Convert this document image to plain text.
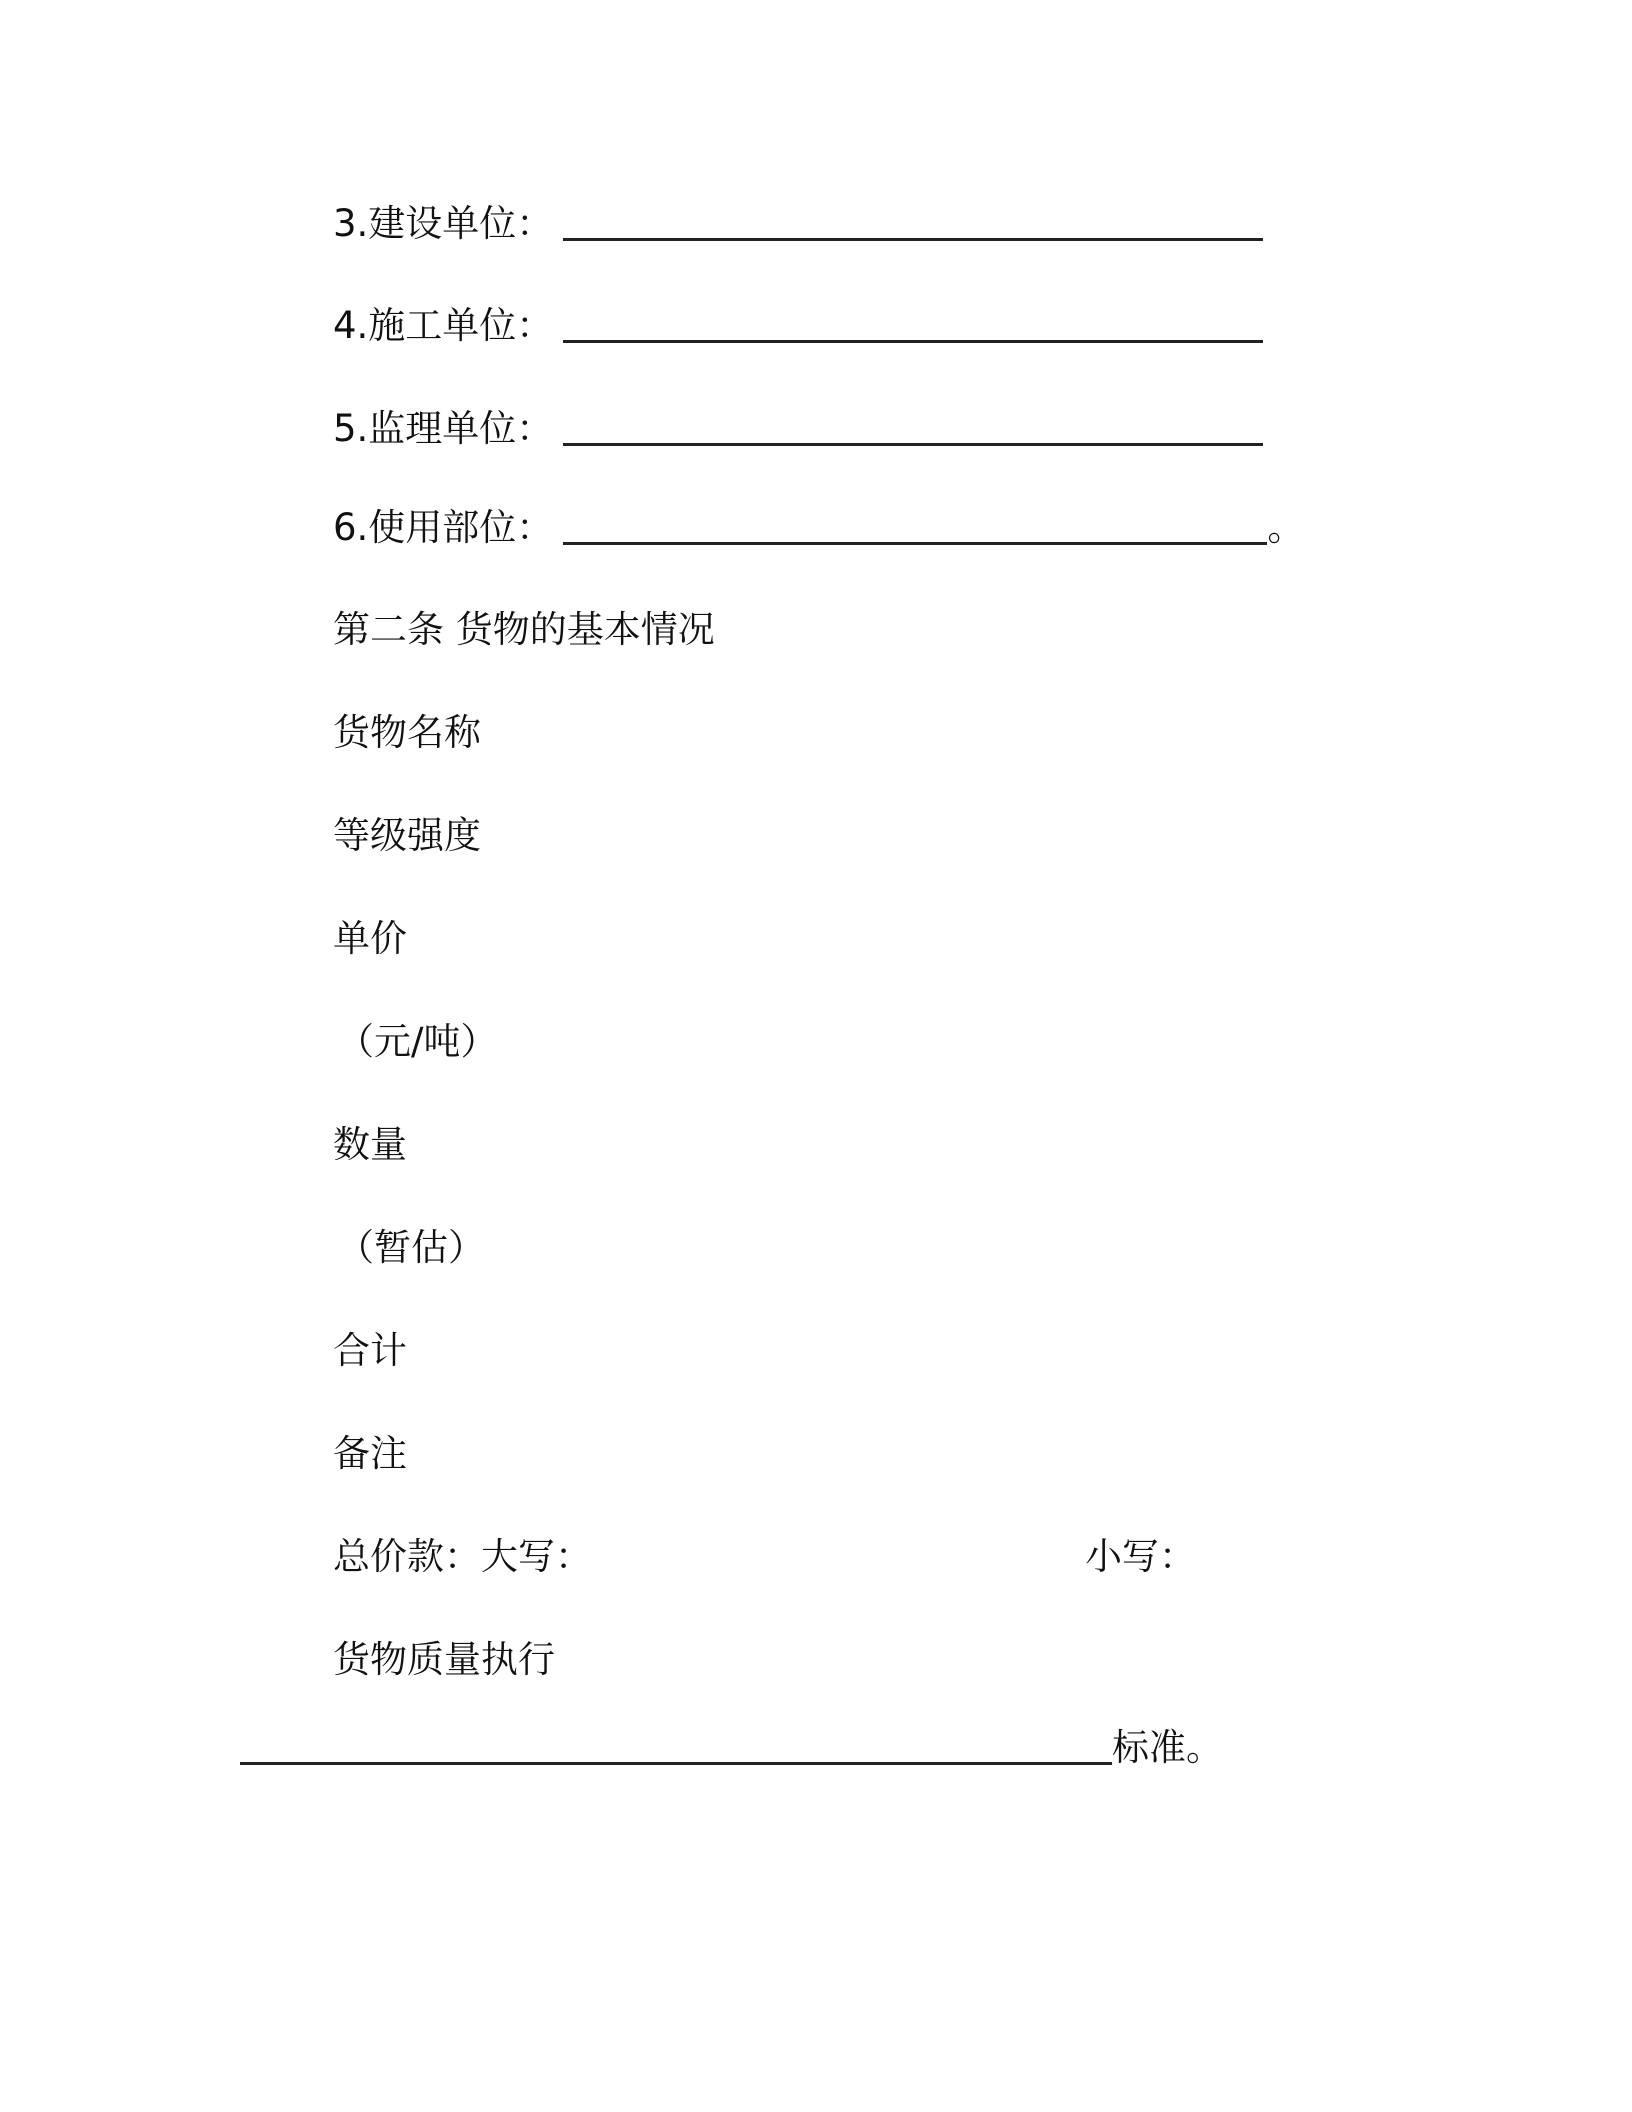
3.建设单位：
4.施工单位：
5.监理单位：
6.使用部位：	。
第二条 货物的基本情况
货物名称
等级强度
单价
（元/吨）
数量
（暂估）
合计
备注
总价款：大写：	小写：
货物质量执行
标准。
